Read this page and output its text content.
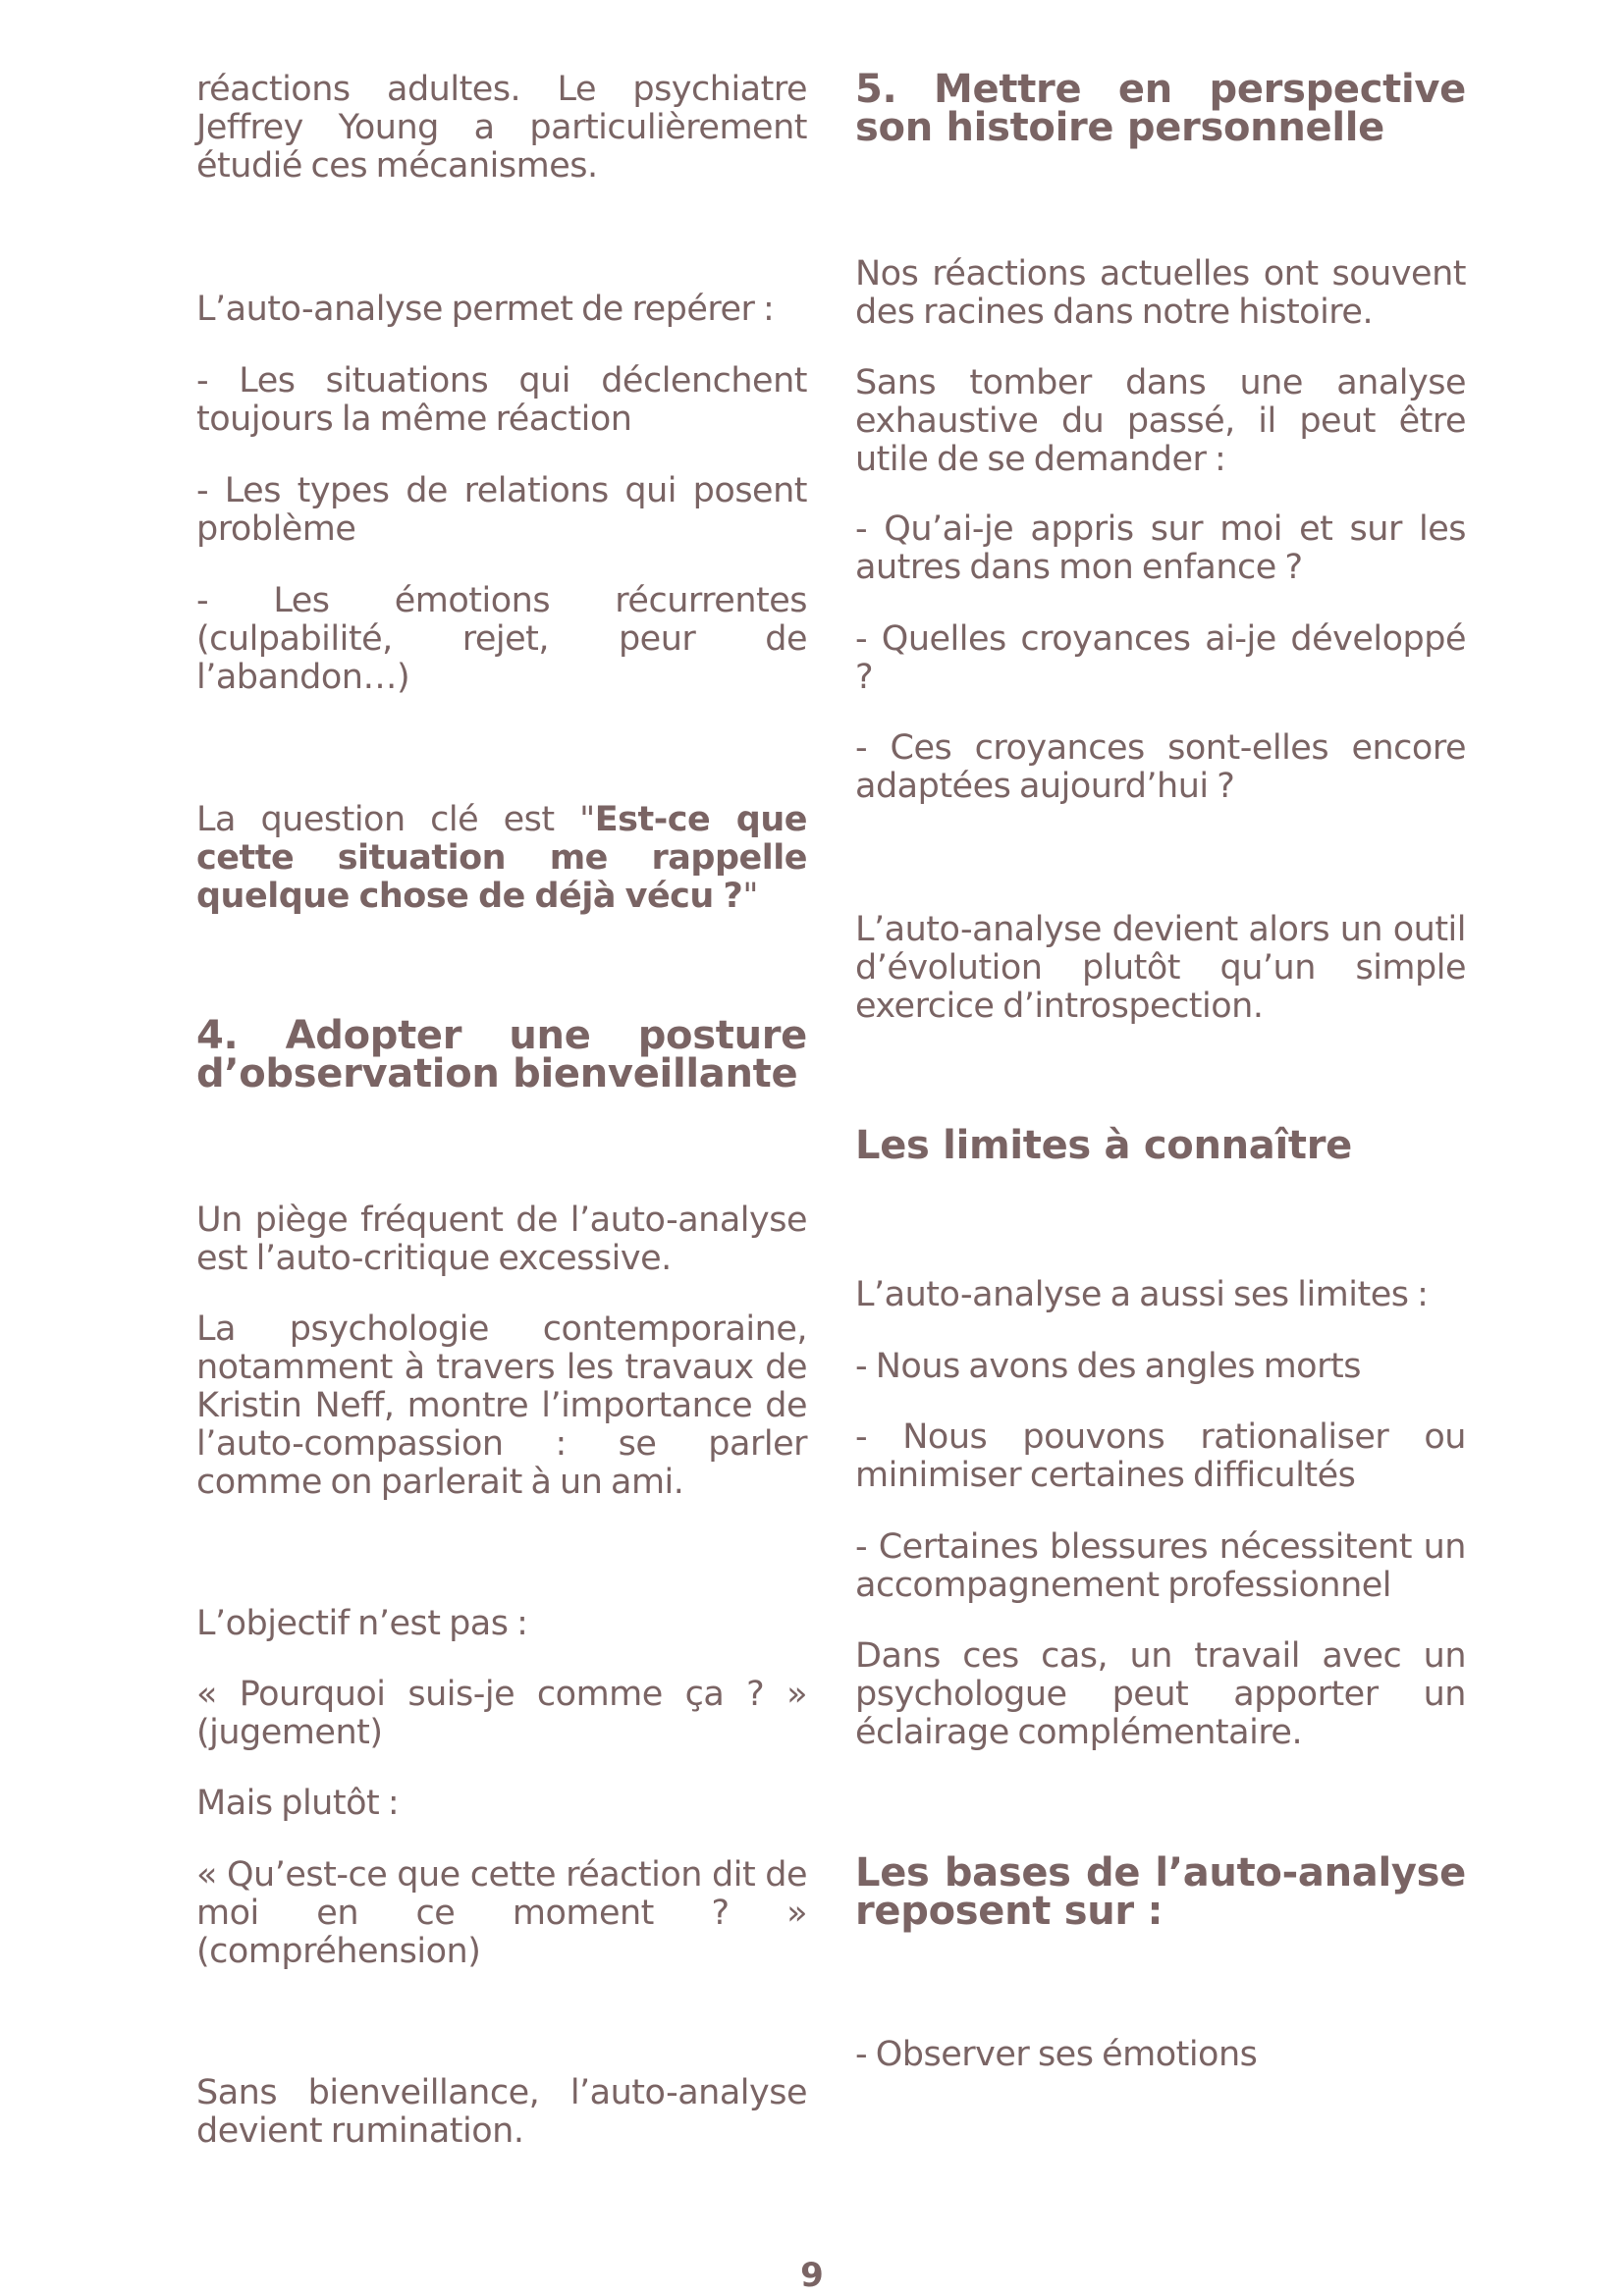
réactions adultes. Le psychiatre Jeffrey Young a particulièrement étudié ces mécanismes.

L’auto-analyse permet de repérer :

- Les situations qui déclenchent toujours la même réaction

- Les types de relations qui posent problème

- Les émotions récurrentes (culpabilité, rejet, peur de l’abandon…)

La question clé est "Est-ce que cette situation me rappelle quelque chose de déjà vécu ?"

4. Adopter une posture d’observation bienveillante

Un piège fréquent de l’auto-analyse est l’auto-critique excessive.

La psychologie contemporaine, notamment à travers les travaux de Kristin Neff, montre l’importance de l’auto-compassion : se parler comme on parlerait à un ami.

L’objectif n’est pas :

« Pourquoi suis-je comme ça ? » (jugement)

Mais plutôt :

« Qu’est-ce que cette réaction dit de moi en ce moment ? » (compréhension)

Sans bienveillance, l’auto-analyse devient rumination.

5. Mettre en perspective son histoire personnelle

Nos réactions actuelles ont souvent des racines dans notre histoire.

Sans tomber dans une analyse exhaustive du passé, il peut être utile de se demander :

- Qu’ai-je appris sur moi et sur les autres dans mon enfance ?

- Quelles croyances ai-je développé ?

- Ces croyances sont-elles encore adaptées aujourd’hui ?

L’auto-analyse devient alors un outil d’évolution plutôt qu’un simple exercice d’introspection.

Les limites à connaître

L’auto-analyse a aussi ses limites :

- Nous avons des angles morts

- Nous pouvons rationaliser ou minimiser certaines difficultés

- Certaines blessures nécessitent un accompagnement professionnel

Dans ces cas, un travail avec un psychologue peut apporter un éclairage complémentaire.

Les bases de l’auto-analyse reposent sur :

- Observer ses émotions

9
